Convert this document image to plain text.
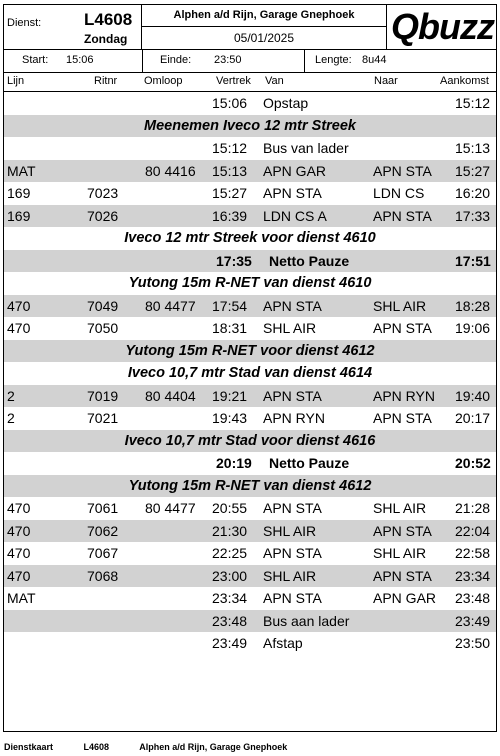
Dienst:	L4608
Zondag
Alphen a/d Rijn, Garage Gnephoek
05/01/2025	Qbuzz
Start: 15:06	Einde: 23:50	Lengte: 8u44
Lijn	Ritnr Omloop	Vertrek Van	Naar	Aankomst
15:06 Opstap	15:12
Meenemen Iveco 12 mtr Streek
15:12 Bus van lader	15:13
MAT	80 4416 15:13 APN GAR	APN STA 15:27
169	7023	15:27 APN STA	LDN CS 16:20
169	7026	16:39 LDN CS A	APN STA 17:33
Iveco 12 mtr Streek voor dienst 4610
17:35 Netto Pauze	17:51
Yutong 15m R-NET van dienst 4610
470	7049 80 4477 17:54 APN STA	SHL AIR 18:28
470	7050	18:31 SHL AIR	APN STA 19:06
Yutong 15m R-NET voor dienst 4612
Iveco 10,7 mtr Stad van dienst 4614
2	7019 80 4404 19:21 APN STA	APN RYN 19:40
2	7021	19:43 APN RYN	APN STA 20:17
Iveco 10,7 mtr Stad voor dienst 4616
20:19 Netto Pauze	20:52
Yutong 15m R-NET van dienst 4612
470	7061 80 4477 20:55 APN STA	SHL AIR 21:28
470	7062	21:30 SHL AIR	APN STA 22:04
470	7067	22:25 APN STA	SHL AIR 22:58
470	7068	23:00 SHL AIR	APN STA 23:34
MAT	23:34 APN STA	APN GAR 23:48
23:48 Bus aan lader	23:49
23:49 Afstap	23:50
Dienstkaart	L4608	Alphen a/d Rijn, Garage Gnephoek
